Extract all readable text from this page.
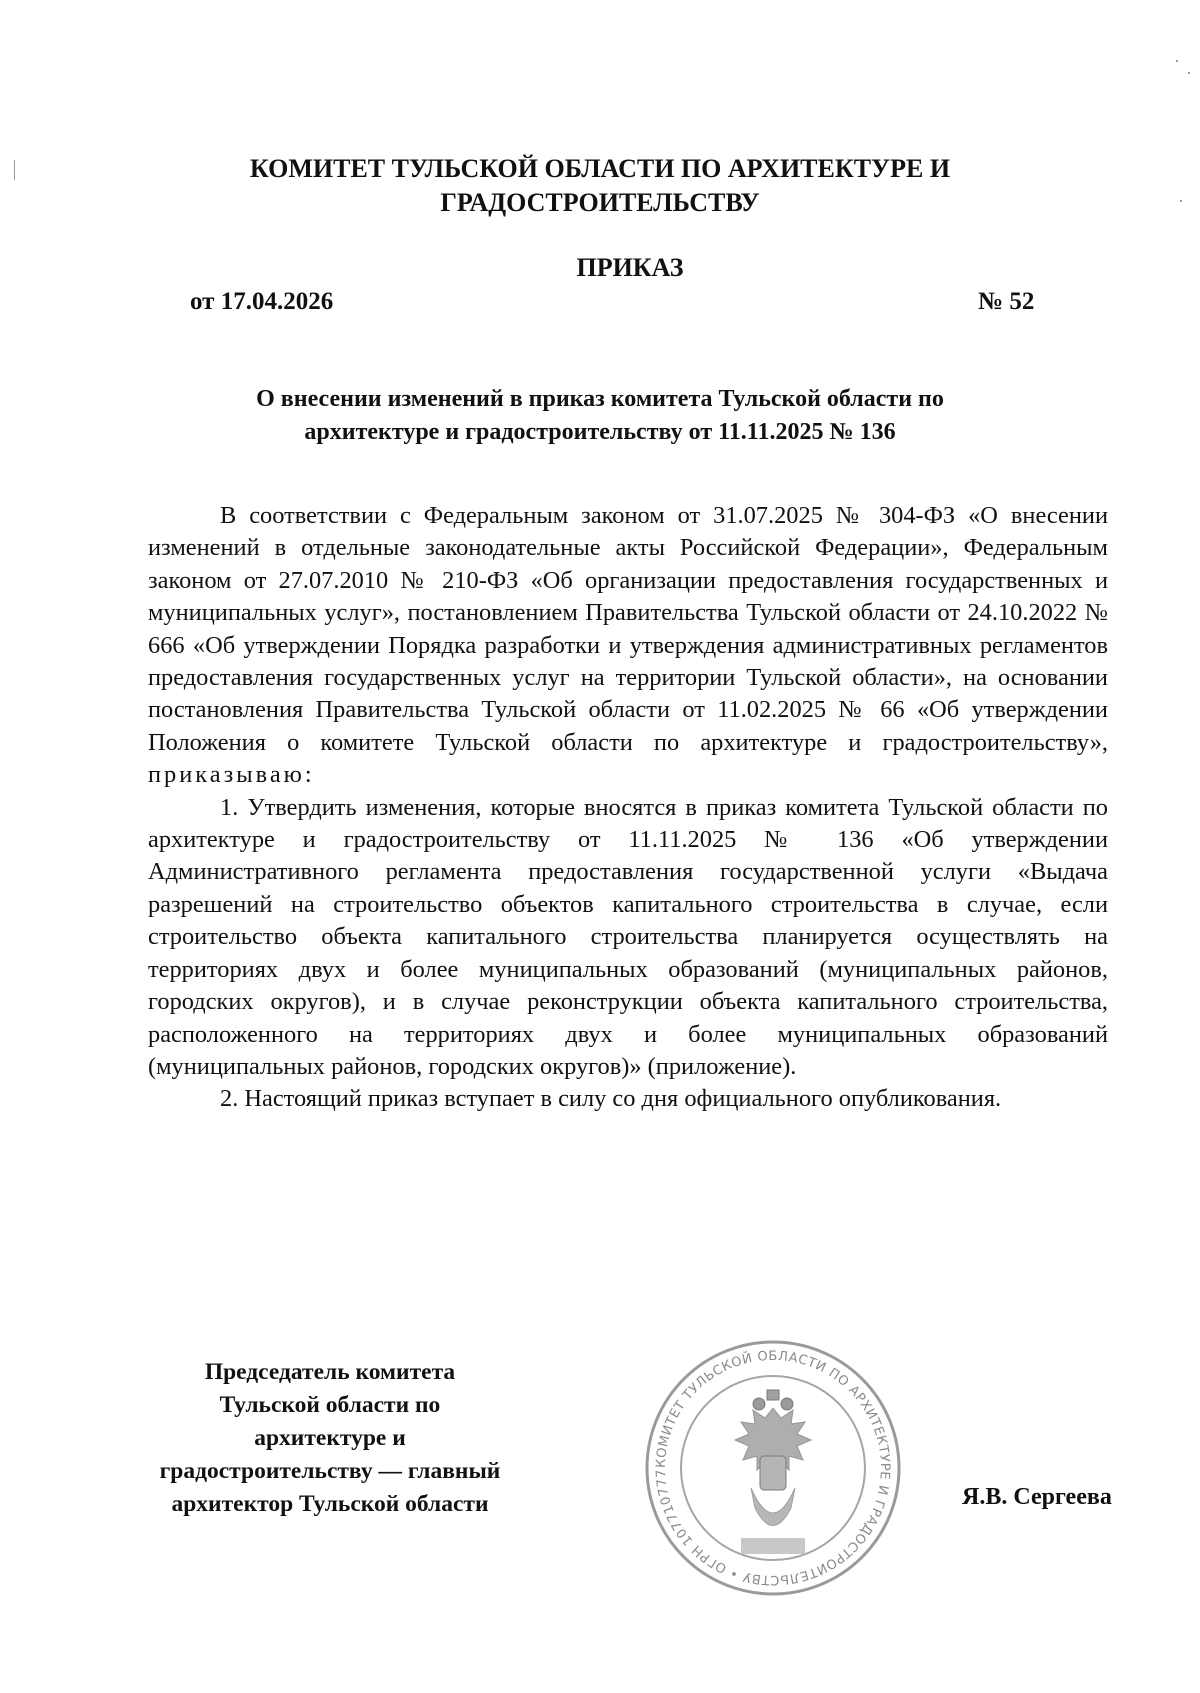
КОМИТЕТ ТУЛЬСКОЙ ОБЛАСТИ ПО АРХИТЕКТУРЕ И
ГРАДОСТРОИТЕЛЬСТВУ
ПРИКАЗ
от 17.04.2026	№ 52
О внесении изменений в приказ комитета Тульской области по
архитектуре и градостроительству от 11.11.2025 № 136

В соответствии с Федеральным законом от 31.07.2025 № 304-ФЗ «О внесении изменений в отдельные законодательные акты Российской Федерации», Федеральным законом от 27.07.2010 № 210-ФЗ «Об организации предоставления государственных и муниципальных услуг», постановлением Правительства Тульской области от 24.10.2022 № 666 «Об утверждении Порядка разработки и утверждения административных регламентов предоставления государственных услуг на территории Тульской области», на основании постановления Правительства Тульской области от 11.02.2025 № 66 «Об утверждении Положения о комитете Тульской области по архитектуре и градостроительству», приказываю:

1. Утвердить изменения, которые вносятся в приказ комитета Тульской области по архитектуре и градостроительству от 11.11.2025 № 136 «Об утверждении Административного регламента предоставления государственной услуги «Выдача разрешений на строительство объектов капитального строительства в случае, если строительство объекта капитального строительства планируется осуществлять на территориях двух и более муниципальных образований (муниципальных районов, городских округов), и в случае реконструкции объекта капитального строительства, расположенного на территориях двух и более муниципальных образований (муниципальных районов, городских округов)» (приложение).

2. Настоящий приказ вступает в силу со дня официального опубликования.

Председатель комитета
Тульской области по
архитектуре и
градостроительству — главный
архитектор Тульской области
КОМИТЕТ ТУЛЬСКОЙ ОБЛАСТИ ПО АРХИТЕКТУРЕ И ГРАДОСТРОИТЕЛЬСТВУ • ОГРН 107710777
Я.В. Сергеева
